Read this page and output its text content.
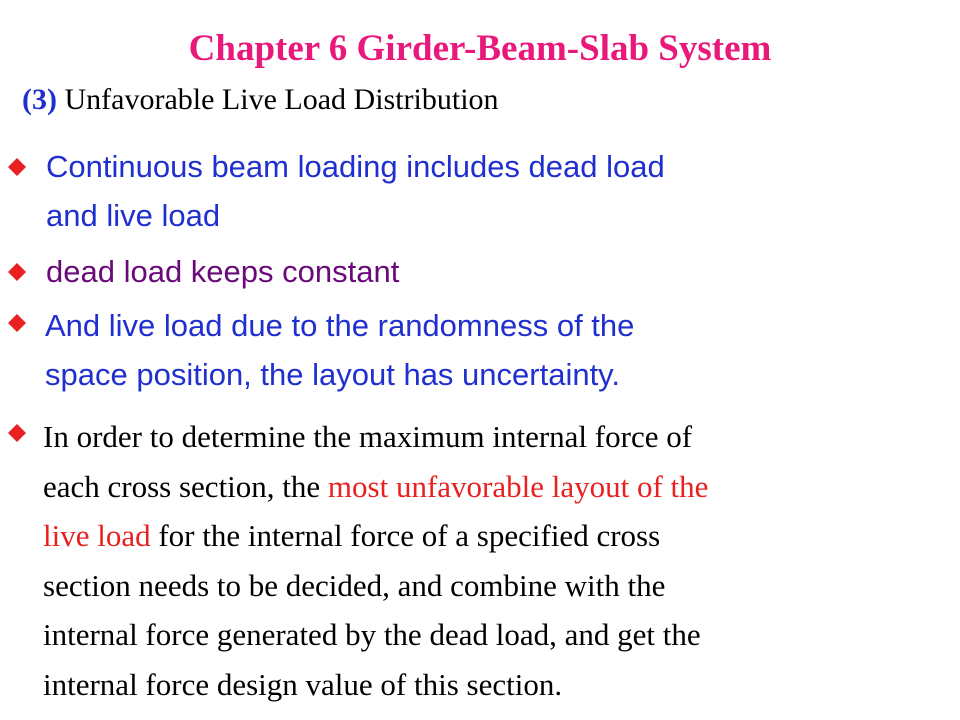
Chapter 6 Girder-Beam-Slab System
(3) Unfavorable Live Load Distribution
Continuous beam loading includes dead load
and live load
dead load keeps constant
And live load due to the randomness of the
space position, the layout has uncertainty.
In order to determine the maximum internal force of
each cross section, the most unfavorable layout of the
live load for the internal force of a specified cross
section needs to be decided, and combine with the
internal force generated by the dead load, and get the
internal force design value of this section.
